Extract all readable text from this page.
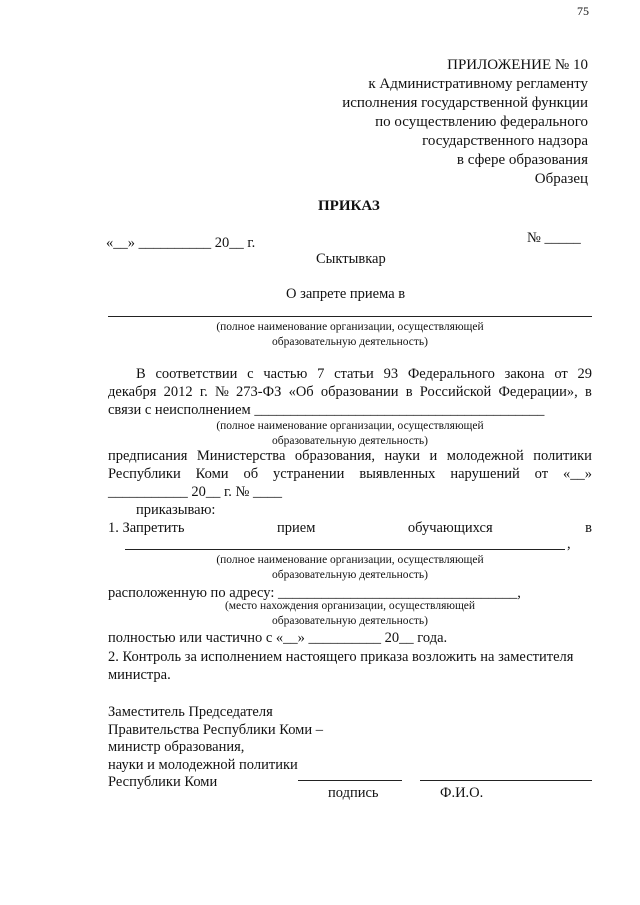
75
ПРИЛОЖЕНИЕ № 10
к Административному регламенту
исполнения государственной функции
по осуществлению федерального
государственного надзора
в сфере образования
Образец
ПРИКАЗ
«__» __________ 20__ г.	№ _____
Сыктывкар
О запрете приема в
(полное наименование организации, осуществляющей
образовательную деятельность)
В соответствии с частью 7 статьи 93 Федерального закона от 29
декабря 2012 г. № 273-ФЗ «Об образовании в Российской Федерации», в
связи с неисполнением ________________________________________
(полное наименование организации, осуществляющей
образовательную деятельность)
предписания Министерства образования, науки и молодежной политики
Республики Коми об устранении выявленных нарушений от «__»
___________ 20__ г. № ____
приказываю:
1. Запретить	прием	обучающихся	в
,
(полное наименование организации, осуществляющей
образовательную деятельность)
расположенную по адресу: _________________________________,
(место нахождения организации, осуществляющей
образовательную деятельность)
полностью или частично с «__» __________ 20__ года.
2. Контроль за исполнением настоящего приказа возложить на заместителя
министра.
Заместитель Председателя
Правительства Республики Коми –
министр образования,
науки и молодежной политики
Республики Коми
подпись	Ф.И.О.
